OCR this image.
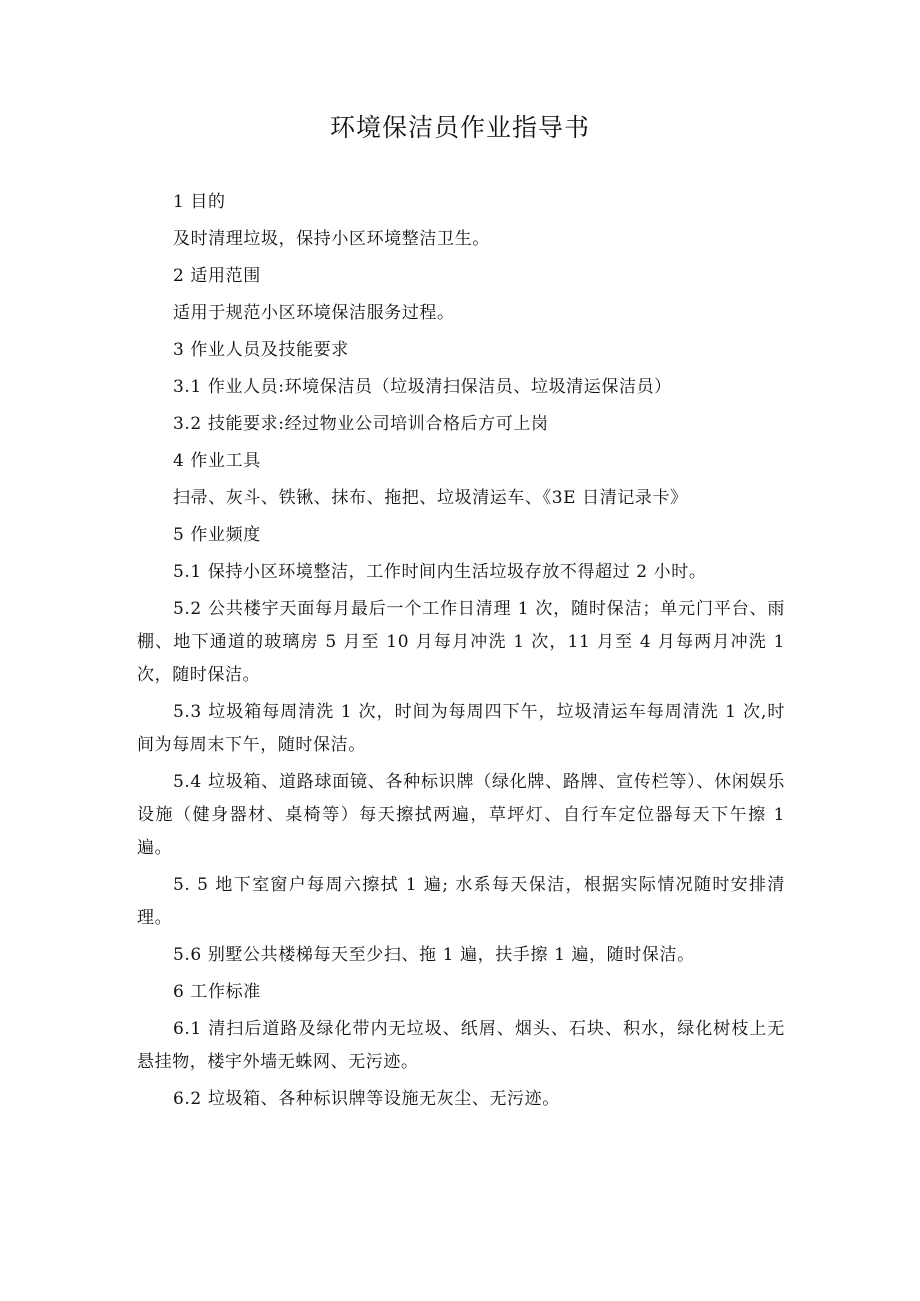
环境保洁员作业指导书

1 目的

及时清理垃圾，保持小区环境整洁卫生。

2 适用范围

适用于规范小区环境保洁服务过程。

3 作业人员及技能要求

3.1 作业人员:环境保洁员（垃圾清扫保洁员、垃圾清运保洁员）

3.2 技能要求:经过物业公司培训合格后方可上岗

4 作业工具

扫帚、灰斗、铁锹、抹布、拖把、垃圾清运车、《3E 日清记录卡》

5 作业频度

5.1 保持小区环境整洁，工作时间内生活垃圾存放不得超过 2 小时。

5.2 公共楼宇天面每月最后一个工作日清理 1 次，随时保洁；单元门平台、雨棚、地下通道的玻璃房 5 月至 10 月每月冲洗 1 次，11 月至 4 月每两月冲洗 1 次，随时保洁。

5.3 垃圾箱每周清洗 1 次，时间为每周四下午，垃圾清运车每周清洗 1 次,时间为每周末下午，随时保洁。

5.4 垃圾箱、道路球面镜、各种标识牌（绿化牌、路牌、宣传栏等）、休闲娱乐设施（健身器材、桌椅等）每天擦拭两遍，草坪灯、自行车定位器每天下午擦 1 遍。

5. 5 地下室窗户每周六擦拭 1 遍; 水系每天保洁，根据实际情况随时安排清理。

5.6 别墅公共楼梯每天至少扫、拖 1 遍，扶手擦 1 遍，随时保洁。

6 工作标准

6.1 清扫后道路及绿化带内无垃圾、纸屑、烟头、石块、积水，绿化树枝上无悬挂物，楼宇外墙无蛛网、无污迹。

6.2 垃圾箱、各种标识牌等设施无灰尘、无污迹。
